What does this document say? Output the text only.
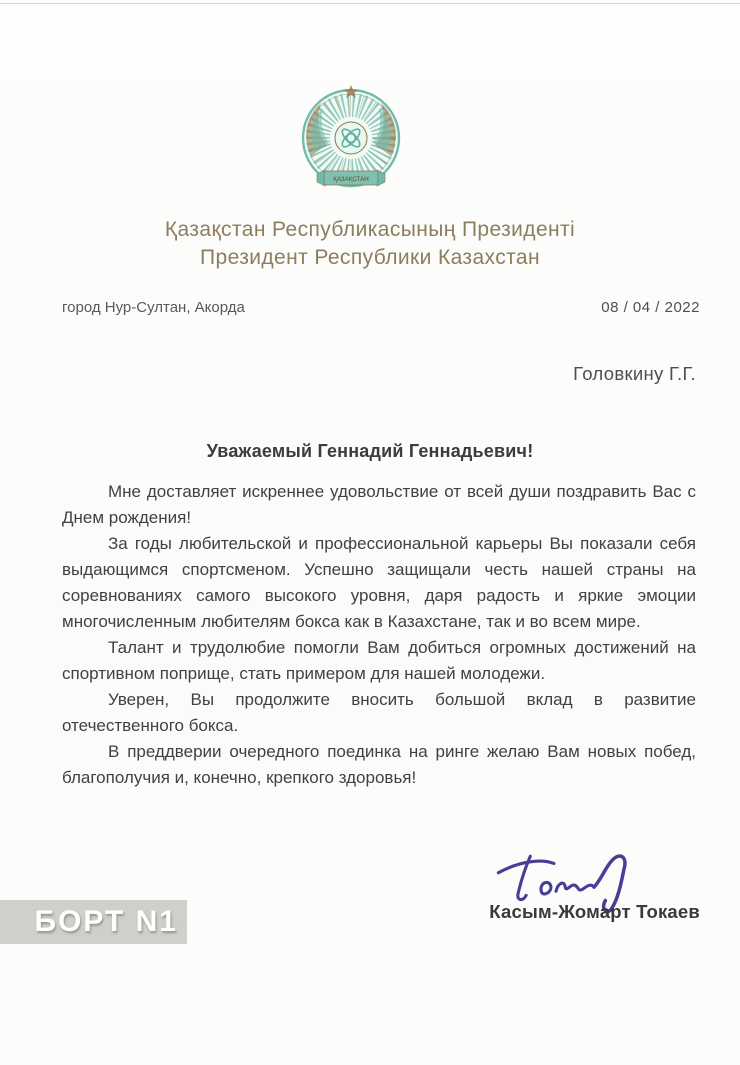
ҚАЗАҚСТАН
Қазақстан Республикасының Президенті
Президент Республики Казахстан
город Нур-Султан, Акорда	08 / 04 / 2022
Головкину Г.Г.
Уважаемый Геннадий Геннадьевич!

Мне доставляет искреннее удовольствие от всей души поздравить Вас с Днем рождения!

За годы любительской и профессиональной карьеры Вы показали себя выдающимся спортсменом. Успешно защищали честь нашей страны на соревнованиях самого высокого уровня, даря радость и яркие эмоции многочисленным любителям бокса как в Казахстане, так и во всем мире.

Талант и трудолюбие помогли Вам добиться огромных достижений на спортивном поприще, стать примером для нашей молодежи.

Уверен, Вы продолжите вносить большой вклад в развитие отечественного бокса.

В преддверии очередного поединка на ринге желаю Вам новых побед, благополучия и, конечно, крепкого здоровья!

Касым-Жомарт Токаев
БОРТ N1
